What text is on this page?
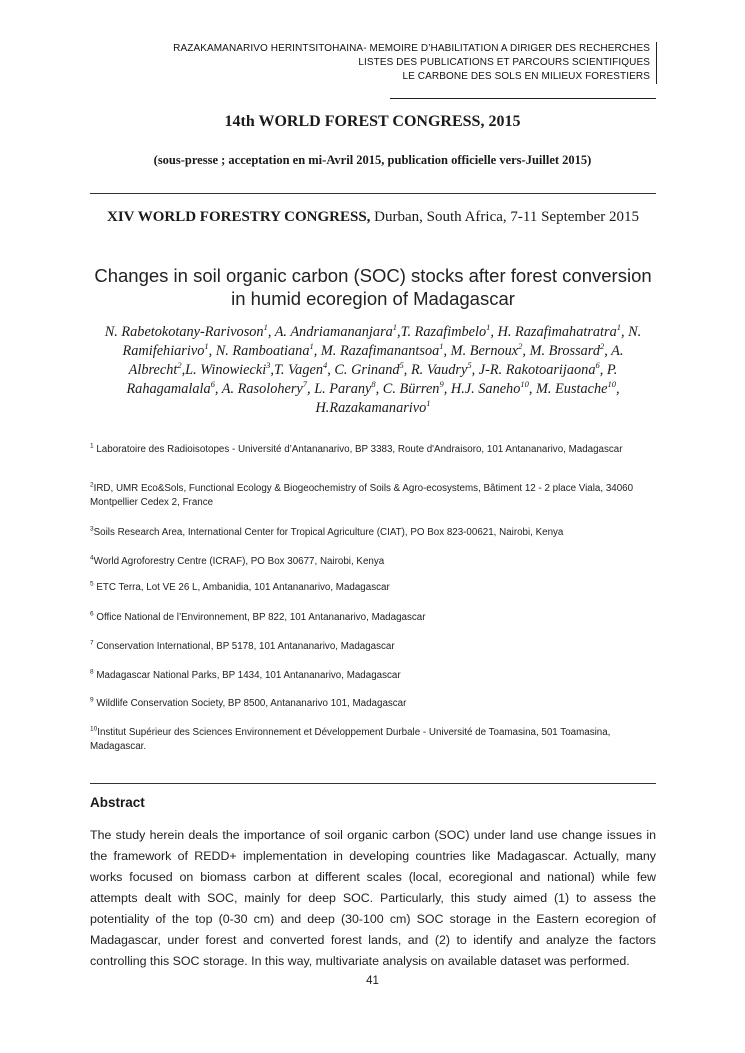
RAZAKAMANARIVO HERINTSITOHAINA- MEMOIRE D’HABILITATION A DIRIGER DES RECHERCHES
LISTES DES PUBLICATIONS ET PARCOURS SCIENTIFIQUES
LE CARBONE DES SOLS EN MILIEUX FORESTIERS
14th WORLD FOREST CONGRESS, 2015
(sous-presse ; acceptation en mi-Avril 2015, publication officielle vers-Juillet 2015)
XIV WORLD FORESTRY CONGRESS, Durban, South Africa, 7-11 September 2015
Changes in soil organic carbon (SOC) stocks after forest conversion in humid ecoregion of Madagascar
N. Rabetokotany-Rarivoson$^1$, A. Andriamananjara$^1$,T. Razafimbelo$^1$, H. Razafimahatratra$^1$, N. Ramifehiarivo$^1$, N. Ramboatiana$^1$, M. Razafimanantsoa$^1$, M. Bernoux$^2$, M. Brossard$^2$, A. Albrecht$^2$,L. Winowiecki$^3$,T. Vagen$^4$, C. Grinand$^5$, R. Vaudry$^5$, J-R. Rakotoarijaona$^6$, P. Rahagamalala$^6$, A. Rasolohery$^7$, L. Parany$^8$, C. Bürren$^9$, H.J. Saneho$^{10}$, M. Eustache$^{10}$, H.Razakamanarivo$^1$
$^1$ Laboratoire des Radioisotopes - Université d’Antananarivo, BP 3383, Route d'Andraisoro, 101 Antananarivo, Madagascar
$^2$IRD, UMR Eco&Sols, Functional Ecology & Biogeochemistry of Soils & Agro-ecosystems, Bâtiment 12 - 2 place Viala, 34060 Montpellier Cedex 2, France
$^3$Soils Research Area, International Center for Tropical Agriculture (CIAT), PO Box 823-00621, Nairobi, Kenya
$^4$World Agroforestry Centre (ICRAF), PO Box 30677, Nairobi, Kenya
$^5$ ETC Terra, Lot VE 26 L, Ambanidia, 101 Antananarivo, Madagascar
$^6$ Office National de l’Environnement, BP 822, 101 Antananarivo, Madagascar
$^7$ Conservation International, BP 5178, 101 Antananarivo, Madagascar
$^8$ Madagascar National Parks, BP 1434, 101 Antananarivo, Madagascar
$^9$ Wildlife Conservation Society, BP 8500, Antananarivo 101, Madagascar
$^{10}$Institut Supérieur des Sciences Environnement et Développement Durbale - Université de Toamasina, 501 Toamasina, Madagascar.
Abstract
The study herein deals the importance of soil organic carbon (SOC) under land use change issues in the framework of REDD+ implementation in developing countries like Madagascar. Actually, many works focused on biomass carbon at different scales (local, ecoregional and national) while few attempts dealt with SOC, mainly for deep SOC. Particularly, this study aimed (1) to assess the potentiality of the top (0-30 cm) and deep (30-100 cm) SOC storage in the Eastern ecoregion of Madagascar, under forest and converted forest lands, and (2) to identify and analyze the factors controlling this SOC storage. In this way, multivariate analysis on available dataset was performed.
41
